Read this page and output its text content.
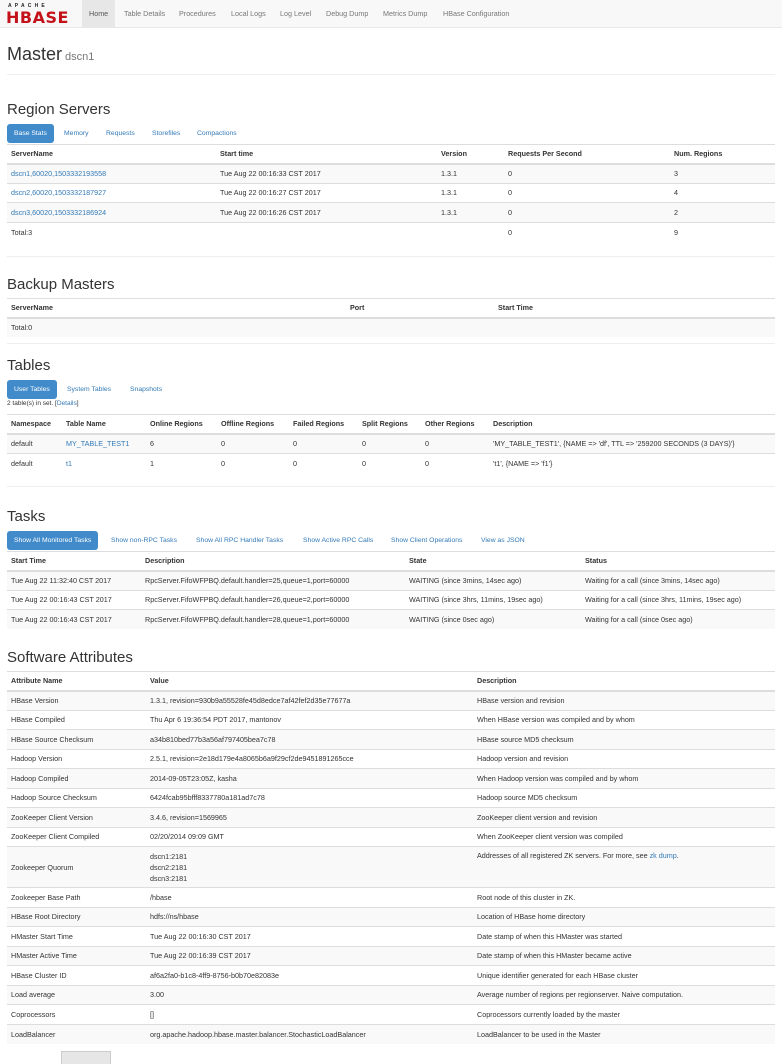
APACHE
HBASE	Home	Table Details	Procedures	Local Logs	Log Level	Debug Dump	Metrics Dump	HBase Configuration
Master dscn1
Region Servers
Base Stats	Memory	Requests	Storefiles	Compactions
ServerName	Start time	Version	Requests Per Second	Num. Regions
dscn1,60020,1503332193558	Tue Aug 22 00:16:33 CST 2017	1.3.1	0	3
dscn2,60020,1503332187927	Tue Aug 22 00:16:27 CST 2017	1.3.1	0	4
dscn3,60020,1503332186924	Tue Aug 22 00:16:26 CST 2017	1.3.1	0	2
Total:3			0	9
Backup Masters
ServerName	Port	Start Time
Total:0		
Tables
User Tables	System Tables	Snapshots
2 table(s) in set. [Details]
Namespace	Table Name	Online Regions	Offline Regions	Failed Regions	Split Regions	Other Regions	Description
default	MY_TABLE_TEST1	6	0	0	0	0	'MY_TABLE_TEST1', {NAME => 'df', TTL => '259200 SECONDS (3 DAYS)'}
default	t1	1	0	0	0	0	't1', {NAME => 'f1'}
Tasks
Show All Monitored Tasks	Show non-RPC Tasks	Show All RPC Handler Tasks	Show Active RPC Calls	Show Client Operations	View as JSON
Start Time	Description	State	Status
Tue Aug 22 11:32:40 CST 2017	RpcServer.FifoWFPBQ.default.handler=25,queue=1,port=60000	WAITING (since 3mins, 14sec ago)	Waiting for a call (since 3mins, 14sec ago)
Tue Aug 22 00:16:43 CST 2017	RpcServer.FifoWFPBQ.default.handler=26,queue=2,port=60000	WAITING (since 3hrs, 11mins, 19sec ago)	Waiting for a call (since 3hrs, 11mins, 19sec ago)
Tue Aug 22 00:16:43 CST 2017	RpcServer.FifoWFPBQ.default.handler=28,queue=1,port=60000	WAITING (since 0sec ago)	Waiting for a call (since 0sec ago)
Software Attributes
Attribute Name	Value	Description
HBase Version	1.3.1, revision=930b9a55528fe45d8edce7af42fef2d35e77677a	HBase version and revision
HBase Compiled	Thu Apr 6 19:36:54 PDT 2017, mantonov	When HBase version was compiled and by whom
HBase Source Checksum	a34b810bed77b3a56af797405bea7c78	HBase source MD5 checksum
Hadoop Version	2.5.1, revision=2e18d179e4a8065b6a9f29cf2de9451891265cce	Hadoop version and revision
Hadoop Compiled	2014-09-05T23:05Z, kasha	When Hadoop version was compiled and by whom
Hadoop Source Checksum	6424fcab95bfff8337780a181ad7c78	Hadoop source MD5 checksum
ZooKeeper Client Version	3.4.6, revision=1569965	ZooKeeper client version and revision
ZooKeeper Client Compiled	02/20/2014 09:09 GMT	When ZooKeeper client version was compiled
Zookeeper Quorum	dscn1:2181
dscn2:2181
dscn3:2181	Addresses of all registered ZK servers. For more, see zk dump.
Zookeeper Base Path	/hbase	Root node of this cluster in ZK.
HBase Root Directory	hdfs://ns/hbase	Location of HBase home directory
HMaster Start Time	Tue Aug 22 00:16:30 CST 2017	Date stamp of when this HMaster was started
HMaster Active Time	Tue Aug 22 00:16:39 CST 2017	Date stamp of when this HMaster became active
HBase Cluster ID	af6a2fa0-b1c8-4ff9-8756-b0b70e82083e	Unique identifier generated for each HBase cluster
Load average	3.00	Average number of regions per regionserver. Naive computation.
Coprocessors	[]	Coprocessors currently loaded by the master
LoadBalancer	org.apache.hadoop.hbase.master.balancer.StochasticLoadBalancer	LoadBalancer to be used in the Master
